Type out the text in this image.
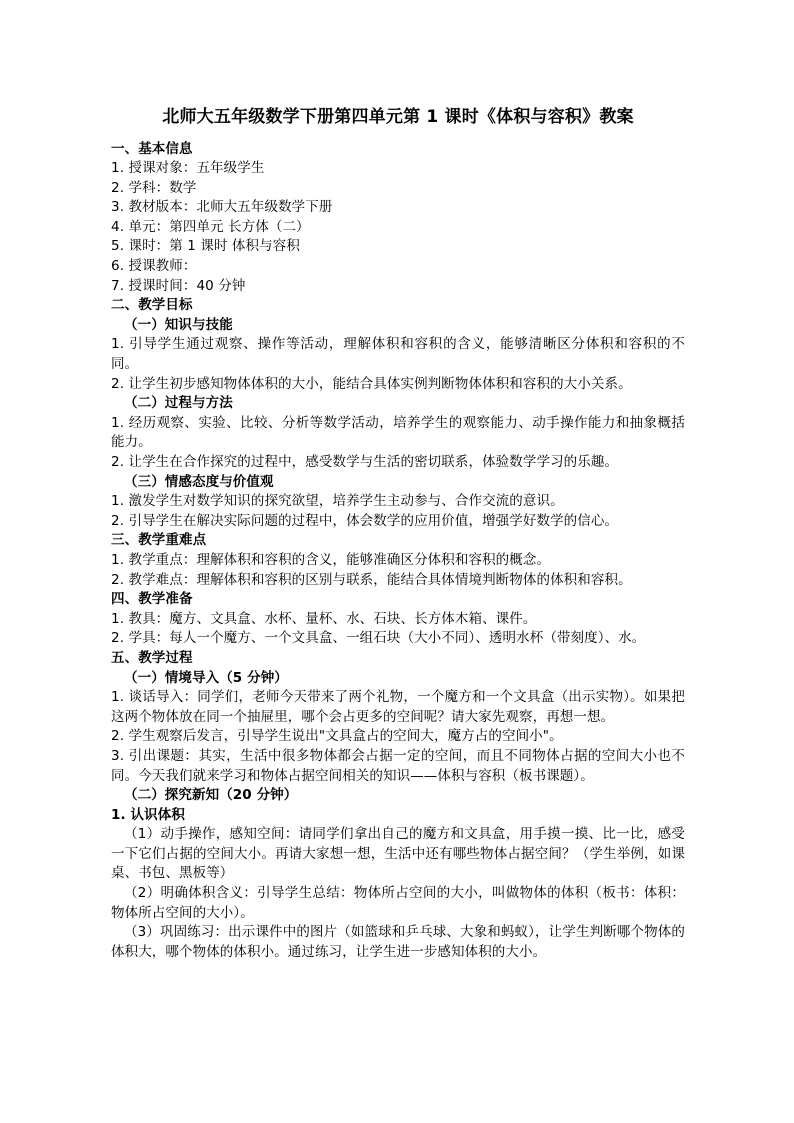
北师大五年级数学下册第四单元第 1 课时《体积与容积》教案

一、基本信息

1. 授课对象：五年级学生

2. 学科：数学

3. 教材版本：北师大五年级数学下册

4. 单元：第四单元 长方体（二）

5. 课时：第 1 课时 体积与容积

6. 授课教师：

7. 授课时间：40 分钟

二、教学目标

（一）知识与技能

1. 引导学生通过观察、操作等活动，理解体积和容积的含义，能够清晰区分体积和容积的不同。

2. 让学生初步感知物体体积的大小，能结合具体实例判断物体体积和容积的大小关系。

（二）过程与方法

1. 经历观察、实验、比较、分析等数学活动，培养学生的观察能力、动手操作能力和抽象概括能力。

2. 让学生在合作探究的过程中，感受数学与生活的密切联系，体验数学学习的乐趣。

（三）情感态度与价值观

1. 激发学生对数学知识的探究欲望，培养学生主动参与、合作交流的意识。

2. 引导学生在解决实际问题的过程中，体会数学的应用价值，增强学好数学的信心。

三、教学重难点

1. 教学重点：理解体积和容积的含义，能够准确区分体积和容积的概念。

2. 教学难点：理解体积和容积的区别与联系，能结合具体情境判断物体的体积和容积。

四、教学准备

1. 教具：魔方、文具盒、水杯、量杯、水、石块、长方体木箱、课件。

2. 学具：每人一个魔方、一个文具盒、一组石块（大小不同）、透明水杯（带刻度）、水。

五、教学过程

（一）情境导入（5 分钟）

1. 谈话导入：同学们，老师今天带来了两个礼物，一个魔方和一个文具盒（出示实物）。如果把这两个物体放在同一个抽屉里，哪个会占更多的空间呢？请大家先观察，再想一想。

2. 学生观察后发言，引导学生说出"文具盒占的空间大，魔方占的空间小"。

3. 引出课题：其实，生活中很多物体都会占据一定的空间，而且不同物体占据的空间大小也不同。今天我们就来学习和物体占据空间相关的知识——体积与容积（板书课题）。

（二）探究新知（20 分钟）

1. 认识体积

（1）动手操作，感知空间：请同学们拿出自己的魔方和文具盒，用手摸一摸、比一比，感受一下它们占据的空间大小。再请大家想一想，生活中还有哪些物体占据空间？（学生举例，如课桌、书包、黑板等）

（2）明确体积含义：引导学生总结：物体所占空间的大小，叫做物体的体积（板书：体积：物体所占空间的大小）。

（3）巩固练习：出示课件中的图片（如篮球和乒乓球、大象和蚂蚁），让学生判断哪个物体的体积大，哪个物体的体积小。通过练习，让学生进一步感知体积的大小。
